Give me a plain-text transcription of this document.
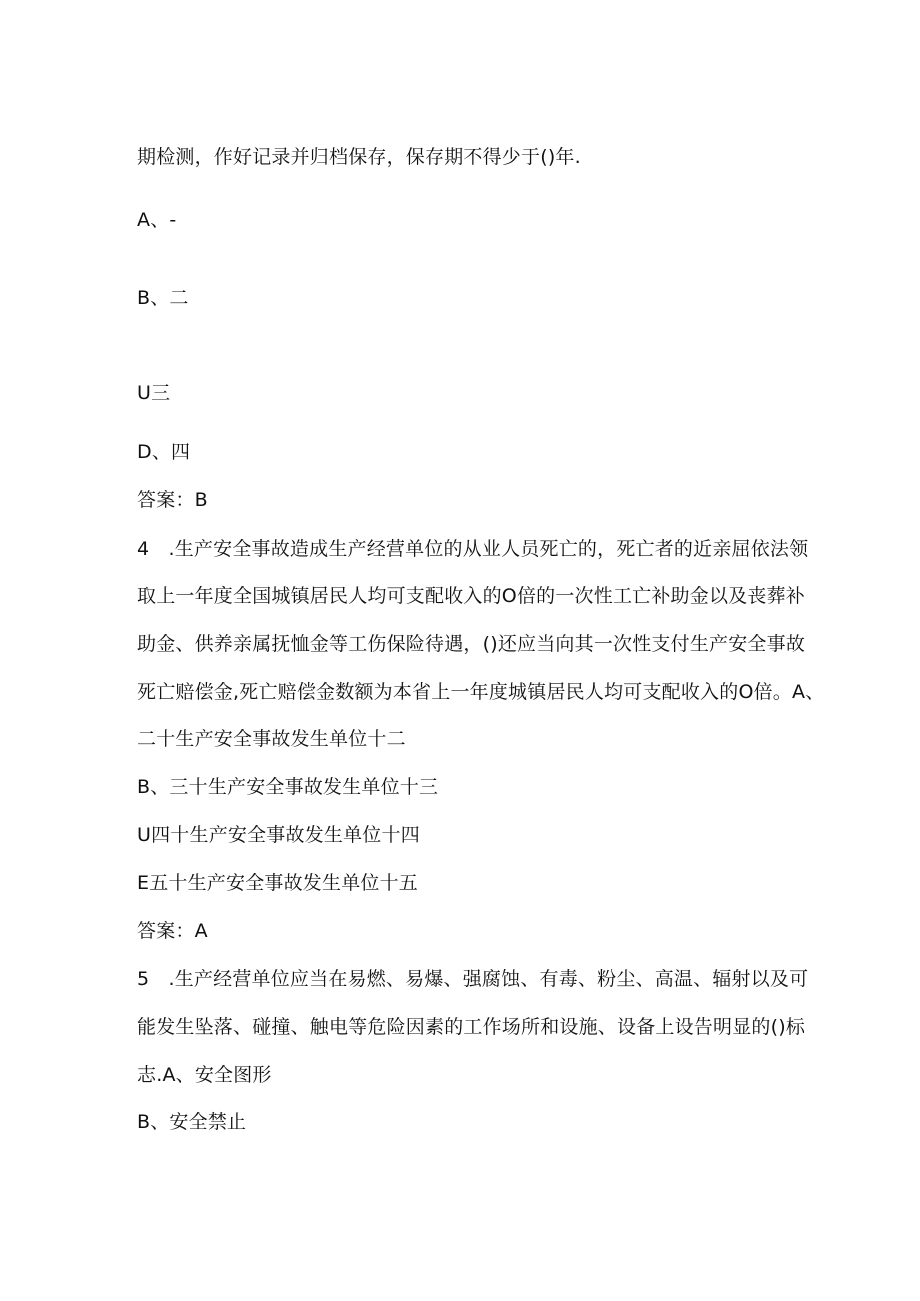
期检测，作好记录并归档保存，保存期不得少于()年.
A、-
B、二
U三
D、四
答案：B
4　.生产安全事故造成生产经营单位的从业人员死亡的，死亡者的近亲屈依法领
取上一年度全国城镇居民人均可支配收入的O倍的一次性工亡补助金以及丧葬补
助金、供养亲属抚恤金等工伤保险待遇，()还应当向其一次性支付生产安全事故
死亡赔偿金,死亡赔偿金数额为本省上一年度城镇居民人均可支配收入的O倍。A、
二十生产安全事故发生单位十二
B、三十生产安全事故发生单位十三
U四十生产安全事故发生单位十四
E五十生产安全事故发生单位十五
答案：A
5　.生产经营单位应当在易燃、易爆、强腐蚀、有毒、粉尘、高温、辐射以及可
能发生坠落、碰撞、触电等危险因素的工作场所和设施、设备上设告明显的()标
志.A、安全图形
B、安全禁止
